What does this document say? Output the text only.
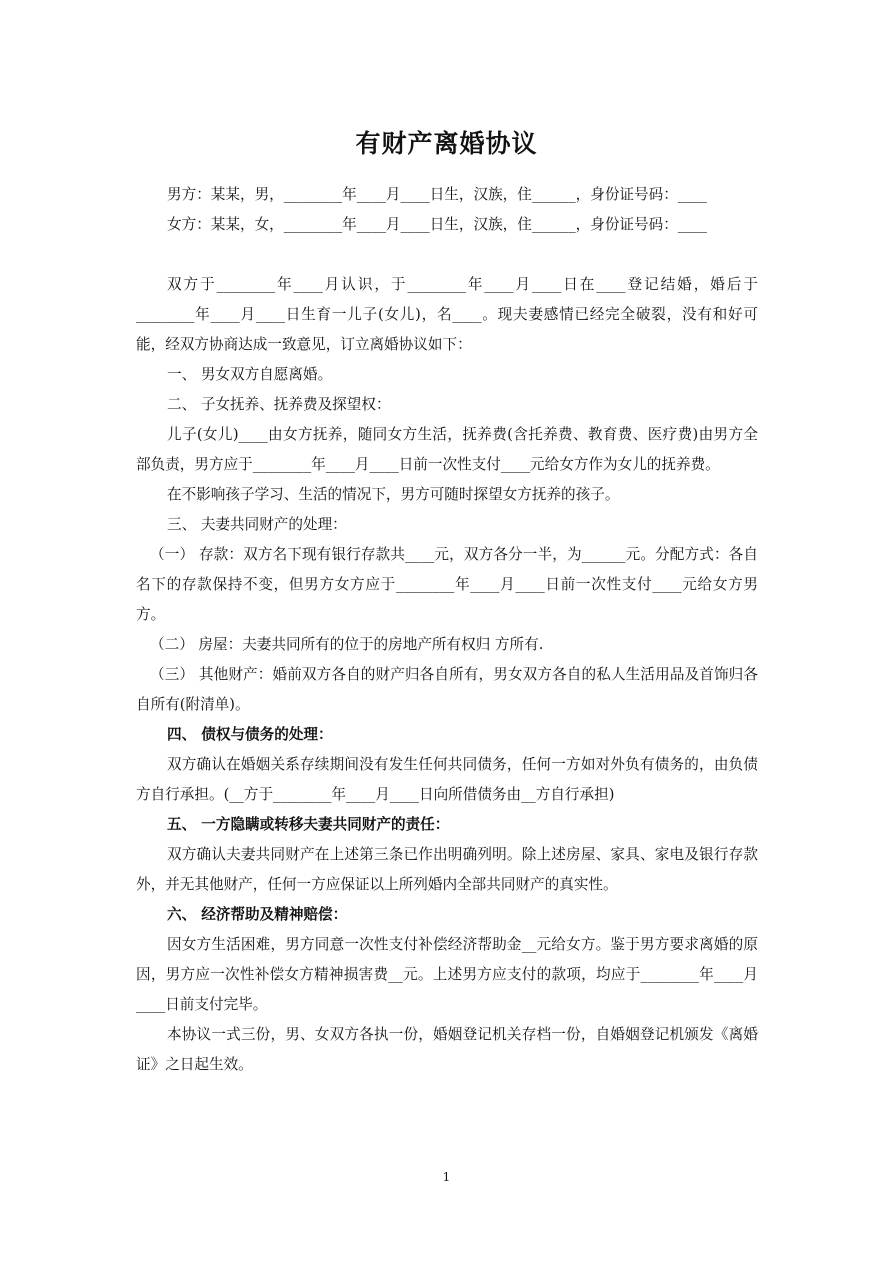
有财产离婚协议

男方：某某，男，________年____月____日生，汉族，住______，身份证号码：____

女方：某某，女，________年____月____日生，汉族，住______，身份证号码：____

双方于________年____月认识，于________年____月____日在____登记结婚，婚后于________年____月____日生育一儿子(女儿)，名____。现夫妻感情已经完全破裂，没有和好可能，经双方协商达成一致意见，订立离婚协议如下：

一、 男女双方自愿离婚。

二、 子女抚养、抚养费及探望权：

儿子(女儿)____由女方抚养，随同女方生活，抚养费(含托养费、教育费、医疗费)由男方全部负责，男方应于________年____月____日前一次性支付____元给女方作为女儿的抚养费。

在不影响孩子学习、生活的情况下，男方可随时探望女方抚养的孩子。

三、 夫妻共同财产的处理：

（一） 存款：双方名下现有银行存款共____元，双方各分一半，为______元。分配方式：各自名下的存款保持不变，但男方女方应于________年____月____日前一次性支付____元给女方男方。

（二） 房屋：夫妻共同所有的位于的房地产所有权归 方所有.

（三） 其他财产：婚前双方各自的财产归各自所有，男女双方各自的私人生活用品及首饰归各自所有(附清单)。

四、 债权与债务的处理：

双方确认在婚姻关系存续期间没有发生任何共同债务，任何一方如对外负有债务的，由负债方自行承担。(__方于________年____月____日向所借债务由__方自行承担)

五、 一方隐瞒或转移夫妻共同财产的责任：

双方确认夫妻共同财产在上述第三条已作出明确列明。除上述房屋、家具、家电及银行存款外，并无其他财产，任何一方应保证以上所列婚内全部共同财产的真实性。

六、 经济帮助及精神赔偿：

因女方生活困难，男方同意一次性支付补偿经济帮助金__元给女方。鉴于男方要求离婚的原因，男方应一次性补偿女方精神损害费__元。上述男方应支付的款项，均应于________年____月____日前支付完毕。

本协议一式三份，男、女双方各执一份，婚姻登记机关存档一份，自婚姻登记机颁发《离婚证》之日起生效。

1
